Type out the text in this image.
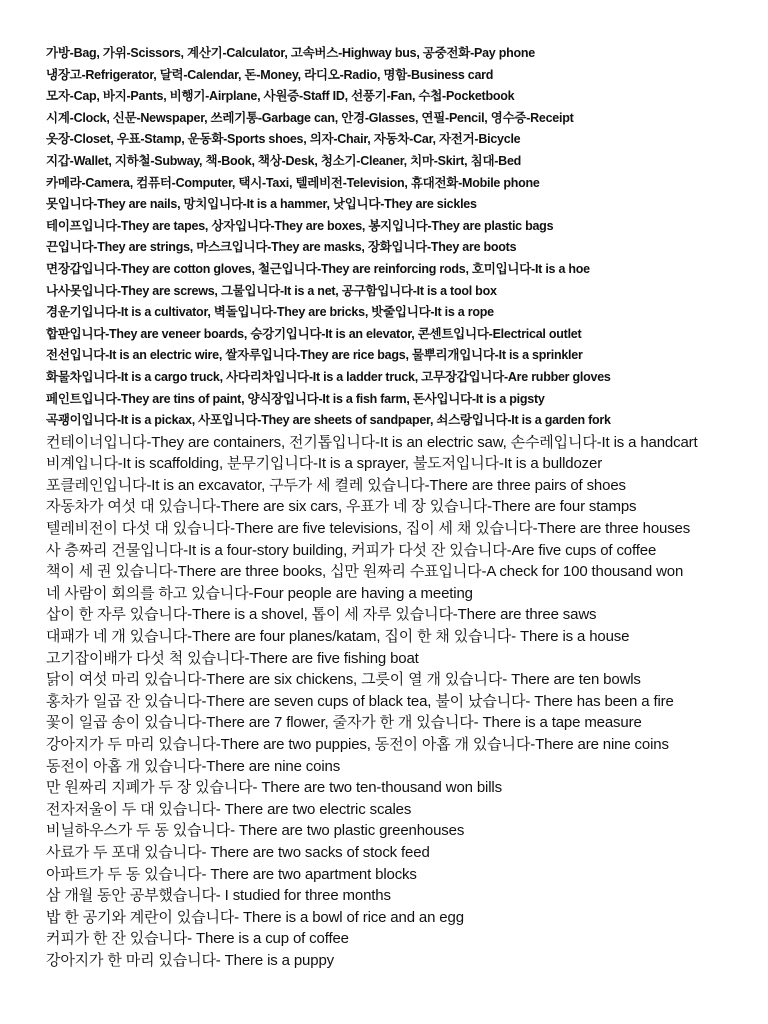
가방-Bag, 가위-Scissors, 계산기-Calculator, 고속버스-Highway bus, 공중전화-Pay phone
냉장고-Refrigerator, 달력-Calendar, 돈-Money, 라디오-Radio, 명함-Business card
모자-Cap, 바지-Pants, 비행기-Airplane, 사원증-Staff ID, 선풍기-Fan, 수첩-Pocketbook
시계-Clock, 신문-Newspaper, 쓰레기통-Garbage can, 안경-Glasses, 연필-Pencil, 영수증-Receipt
옷장-Closet, 우표-Stamp, 운동화-Sports shoes, 의자-Chair, 자동차-Car, 자전거-Bicycle
지갑-Wallet, 지하철-Subway, 책-Book, 책상-Desk, 청소기-Cleaner, 치마-Skirt, 침대-Bed
카메라-Camera, 컴퓨터-Computer, 택시-Taxi, 텔레비전-Television, 휴대전화-Mobile phone
못입니다-They are nails, 망치입니다-It is a hammer, 낫입니다-They are sickles
테이프입니다-They are tapes, 상자입니다-They are boxes, 봉지입니다-They are plastic bags
끈입니다-They are strings, 마스크입니다-They are masks, 장화입니다-They are boots
면장갑입니다-They are cotton gloves, 철근입니다-They are reinforcing rods, 호미입니다-It is a hoe
나사못입니다-They are screws, 그물입니다-It is a net, 공구함입니다-It is a tool box
경운기입니다-It is a cultivator, 벽돌입니다-They are bricks, 밧줄입니다-It is a rope
합판입니다-They are veneer boards, 승강기입니다-It is an elevator, 콘센트입니다-Electrical outlet
전선입니다-It is an electric wire, 쌀자루입니다-They are rice bags, 물뿌리개입니다-It is a sprinkler
화물차입니다-It is a cargo truck, 사다리차입니다-It is a ladder truck, 고무장갑입니다-Are rubber gloves
페인트입니다-They are tins of paint, 양식장입니다-It is a fish farm, 돈사입니다-It is a pigsty
곡괭이입니다-It is a pickax, 사포입니다-They are sheets of sandpaper, 쇠스랑입니다-It is a garden fork
컨테이너입니다-They are containers, 전기톱입니다-It is an electric saw, 손수레입니다-It is a handcart
비계입니다-It is scaffolding, 분무기입니다-It is a sprayer, 불도저입니다-It is a bulldozer
포클레인입니다-It is an excavator, 구두가 세 켤레 있습니다-There are three pairs of shoes
자동차가 여섯 대 있습니다-There are six cars, 우표가 네 장 있습니다-There are four stamps
텔레비전이 다섯 대 있습니다-There are five televisions, 집이 세 채 있습니다-There are three houses
사 층짜리 건물입니다-It is a four-story building, 커피가 다섯 잔 있습니다-Are five cups of coffee
책이 세 권 있습니다-There are three books, 십만 원짜리 수표입니다-A check for 100 thousand won
네 사람이 회의를 하고 있습니다-Four people are having a meeting
삽이 한 자루 있습니다-There is a shovel, 톱이 세 자루 있습니다-There are three saws
대패가 네 개 있습니다-There are four planes/katam, 집이 한 채 있습니다- There is a house
고기잡이배가 다섯 척 있습니다-There are five fishing boat
닭이 여섯 마리 있습니다-There are six chickens, 그릇이 열 개 있습니다- There are ten bowls
홍차가 일곱 잔 있습니다-There are seven cups of black tea, 불이 났습니다- There has been a fire
꽃이 일곱 송이 있습니다-There are 7 flower, 줄자가 한 개 있습니다- There is a tape measure
강아지가 두 마리 있습니다-There are two puppies, 동전이 아홉 개 있습니다-There are nine coins
동전이 아홉 개 있습니다-There are nine coins
만 원짜리 지폐가 두 장 있습니다- There are two ten-thousand won bills
전자저울이 두 대 있습니다- There are two electric scales
비닐하우스가 두 동 있습니다- There are two plastic greenhouses
사료가 두 포대 있습니다- There are two sacks of stock feed
아파트가 두 동 있습니다- There are two apartment blocks
삼 개월 동안 공부했습니다- I studied for three months
밥 한 공기와 계란이 있습니다- There is a bowl of rice and an egg
커피가 한 잔 있습니다- There is a cup of coffee
강아지가 한 마리 있습니다- There is a puppy
